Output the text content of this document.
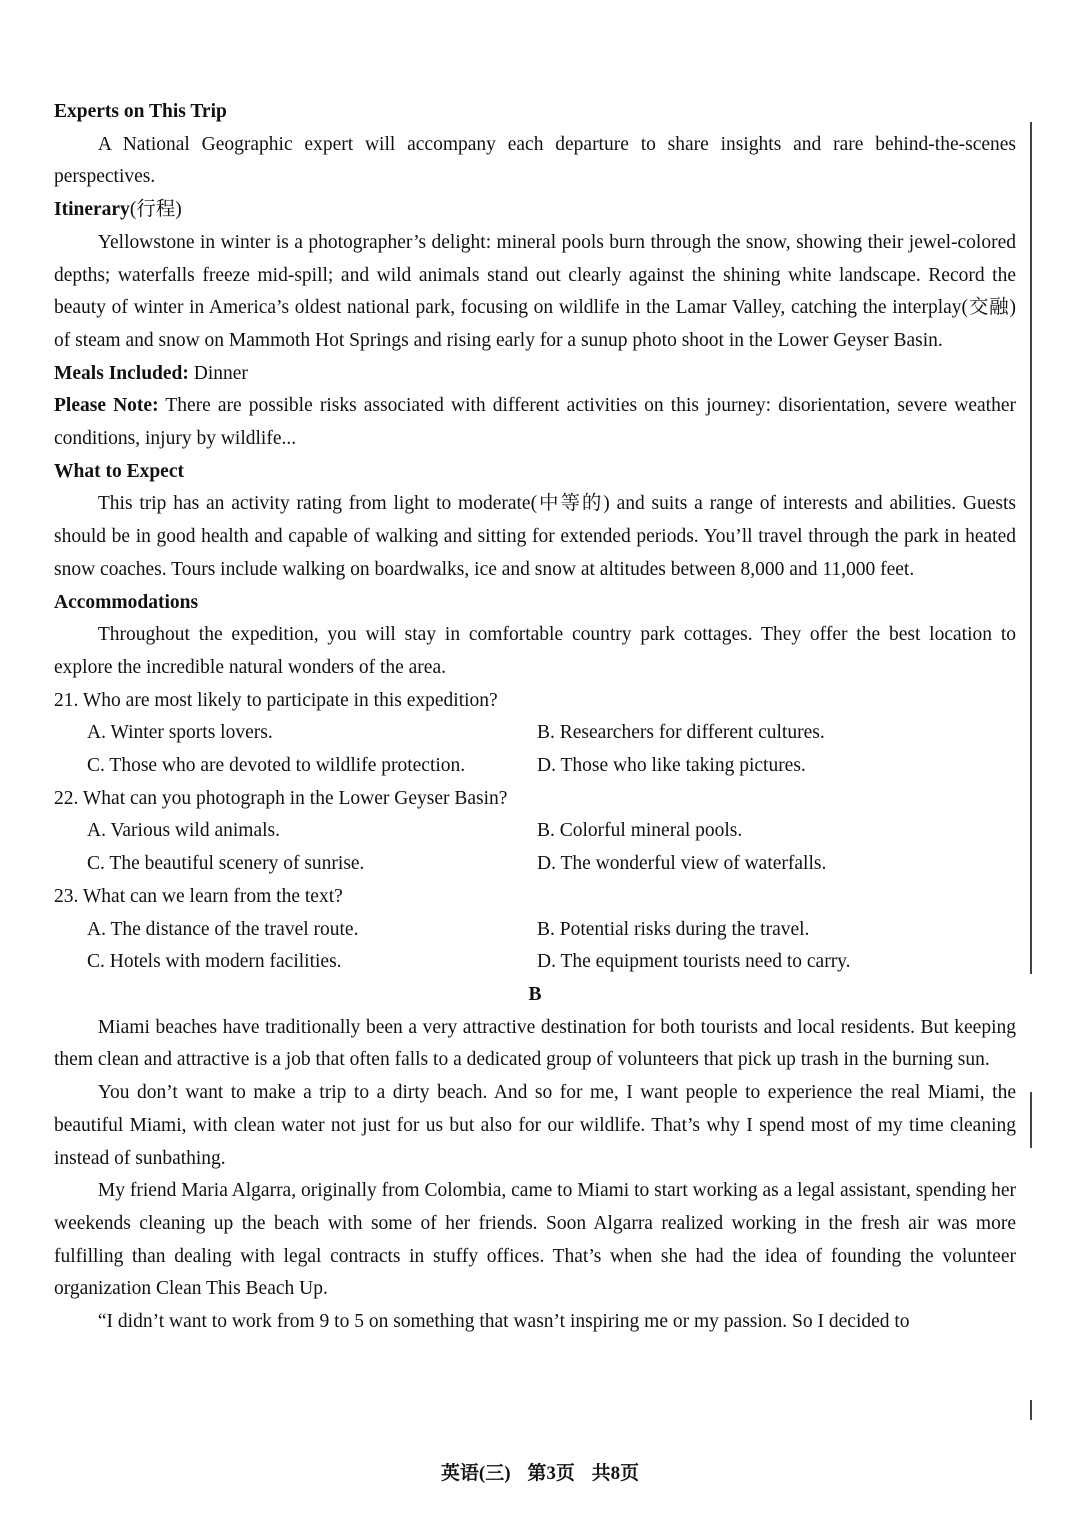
Experts on This Trip

A National Geographic expert will accompany each departure to share insights and rare behind-the-scenes perspectives.

Itinerary(行程)

Yellowstone in winter is a photographer’s delight: mineral pools burn through the snow, showing their jewel-colored depths; waterfalls freeze mid-spill; and wild animals stand out clearly against the shining white landscape. Record the beauty of winter in America’s oldest national park, focusing on wildlife in the Lamar Valley, catching the interplay(交融) of steam and snow on Mammoth Hot Springs and rising early for a sunup photo shoot in the Lower Geyser Basin.

Meals Included: Dinner

Please Note: There are possible risks associated with different activities on this journey: disorientation, severe weather conditions, injury by wildlife...

What to Expect

This trip has an activity rating from light to moderate(中等的) and suits a range of interests and abilities. Guests should be in good health and capable of walking and sitting for extended periods. You’ll travel through the park in heated snow coaches. Tours include walking on boardwalks, ice and snow at altitudes between 8,000 and 11,000 feet.

Accommodations

Throughout the expedition, you will stay in comfortable country park cottages. They offer the best location to explore the incredible natural wonders of the area.

21. Who are most likely to participate in this expedition?

A. Winter sports lovers.	B. Researchers for different cultures.

C. Those who are devoted to wildlife protection.	D. Those who like taking pictures.

22. What can you photograph in the Lower Geyser Basin?

A. Various wild animals.	B. Colorful mineral pools.

C. The beautiful scenery of sunrise.	D. The wonderful view of waterfalls.

23. What can we learn from the text?

A. The distance of the travel route.	B. Potential risks during the travel.

C. Hotels with modern facilities.	D. The equipment tourists need to carry.

B

Miami beaches have traditionally been a very attractive destination for both tourists and local residents. But keeping them clean and attractive is a job that often falls to a dedicated group of volunteers that pick up trash in the burning sun.

You don’t want to make a trip to a dirty beach. And so for me, I want people to experience the real Miami, the beautiful Miami, with clean water not just for us but also for our wildlife. That’s why I spend most of my time cleaning instead of sunbathing.

My friend Maria Algarra, originally from Colombia, came to Miami to start working as a legal assistant, spending her weekends cleaning up the beach with some of her friends. Soon Algarra realized working in the fresh air was more fulfilling than dealing with legal contracts in stuffy offices. That’s when she had the idea of founding the volunteer organization Clean This Beach Up.

“I didn’t want to work from 9 to 5 on something that wasn’t inspiring me or my passion. So I decided to

英语(三) 第3页 共8页
